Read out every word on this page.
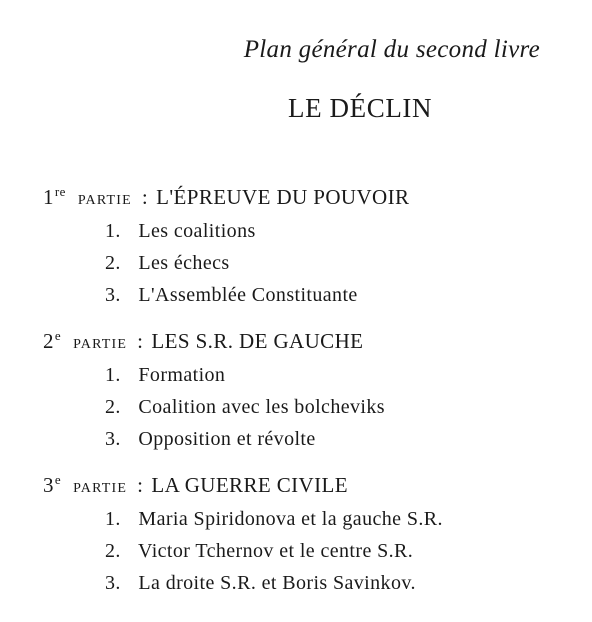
Plan général du second livre
LE DÉCLIN
1rePARTIE : L'ÉPREUVE DU POUVOIR
1. Les coalitions
2. Les échecs
3. L'Assemblée Constituante
2ePARTIE : LES S.R. DE GAUCHE
1. Formation
2. Coalition avec les bolcheviks
3. Opposition et révolte
3ePARTIE : LA GUERRE CIVILE
1. Maria Spiridonova et la gauche S.R.
2. Victor Tchernov et le centre S.R.
3. La droite S.R. et Boris Savinkov.
